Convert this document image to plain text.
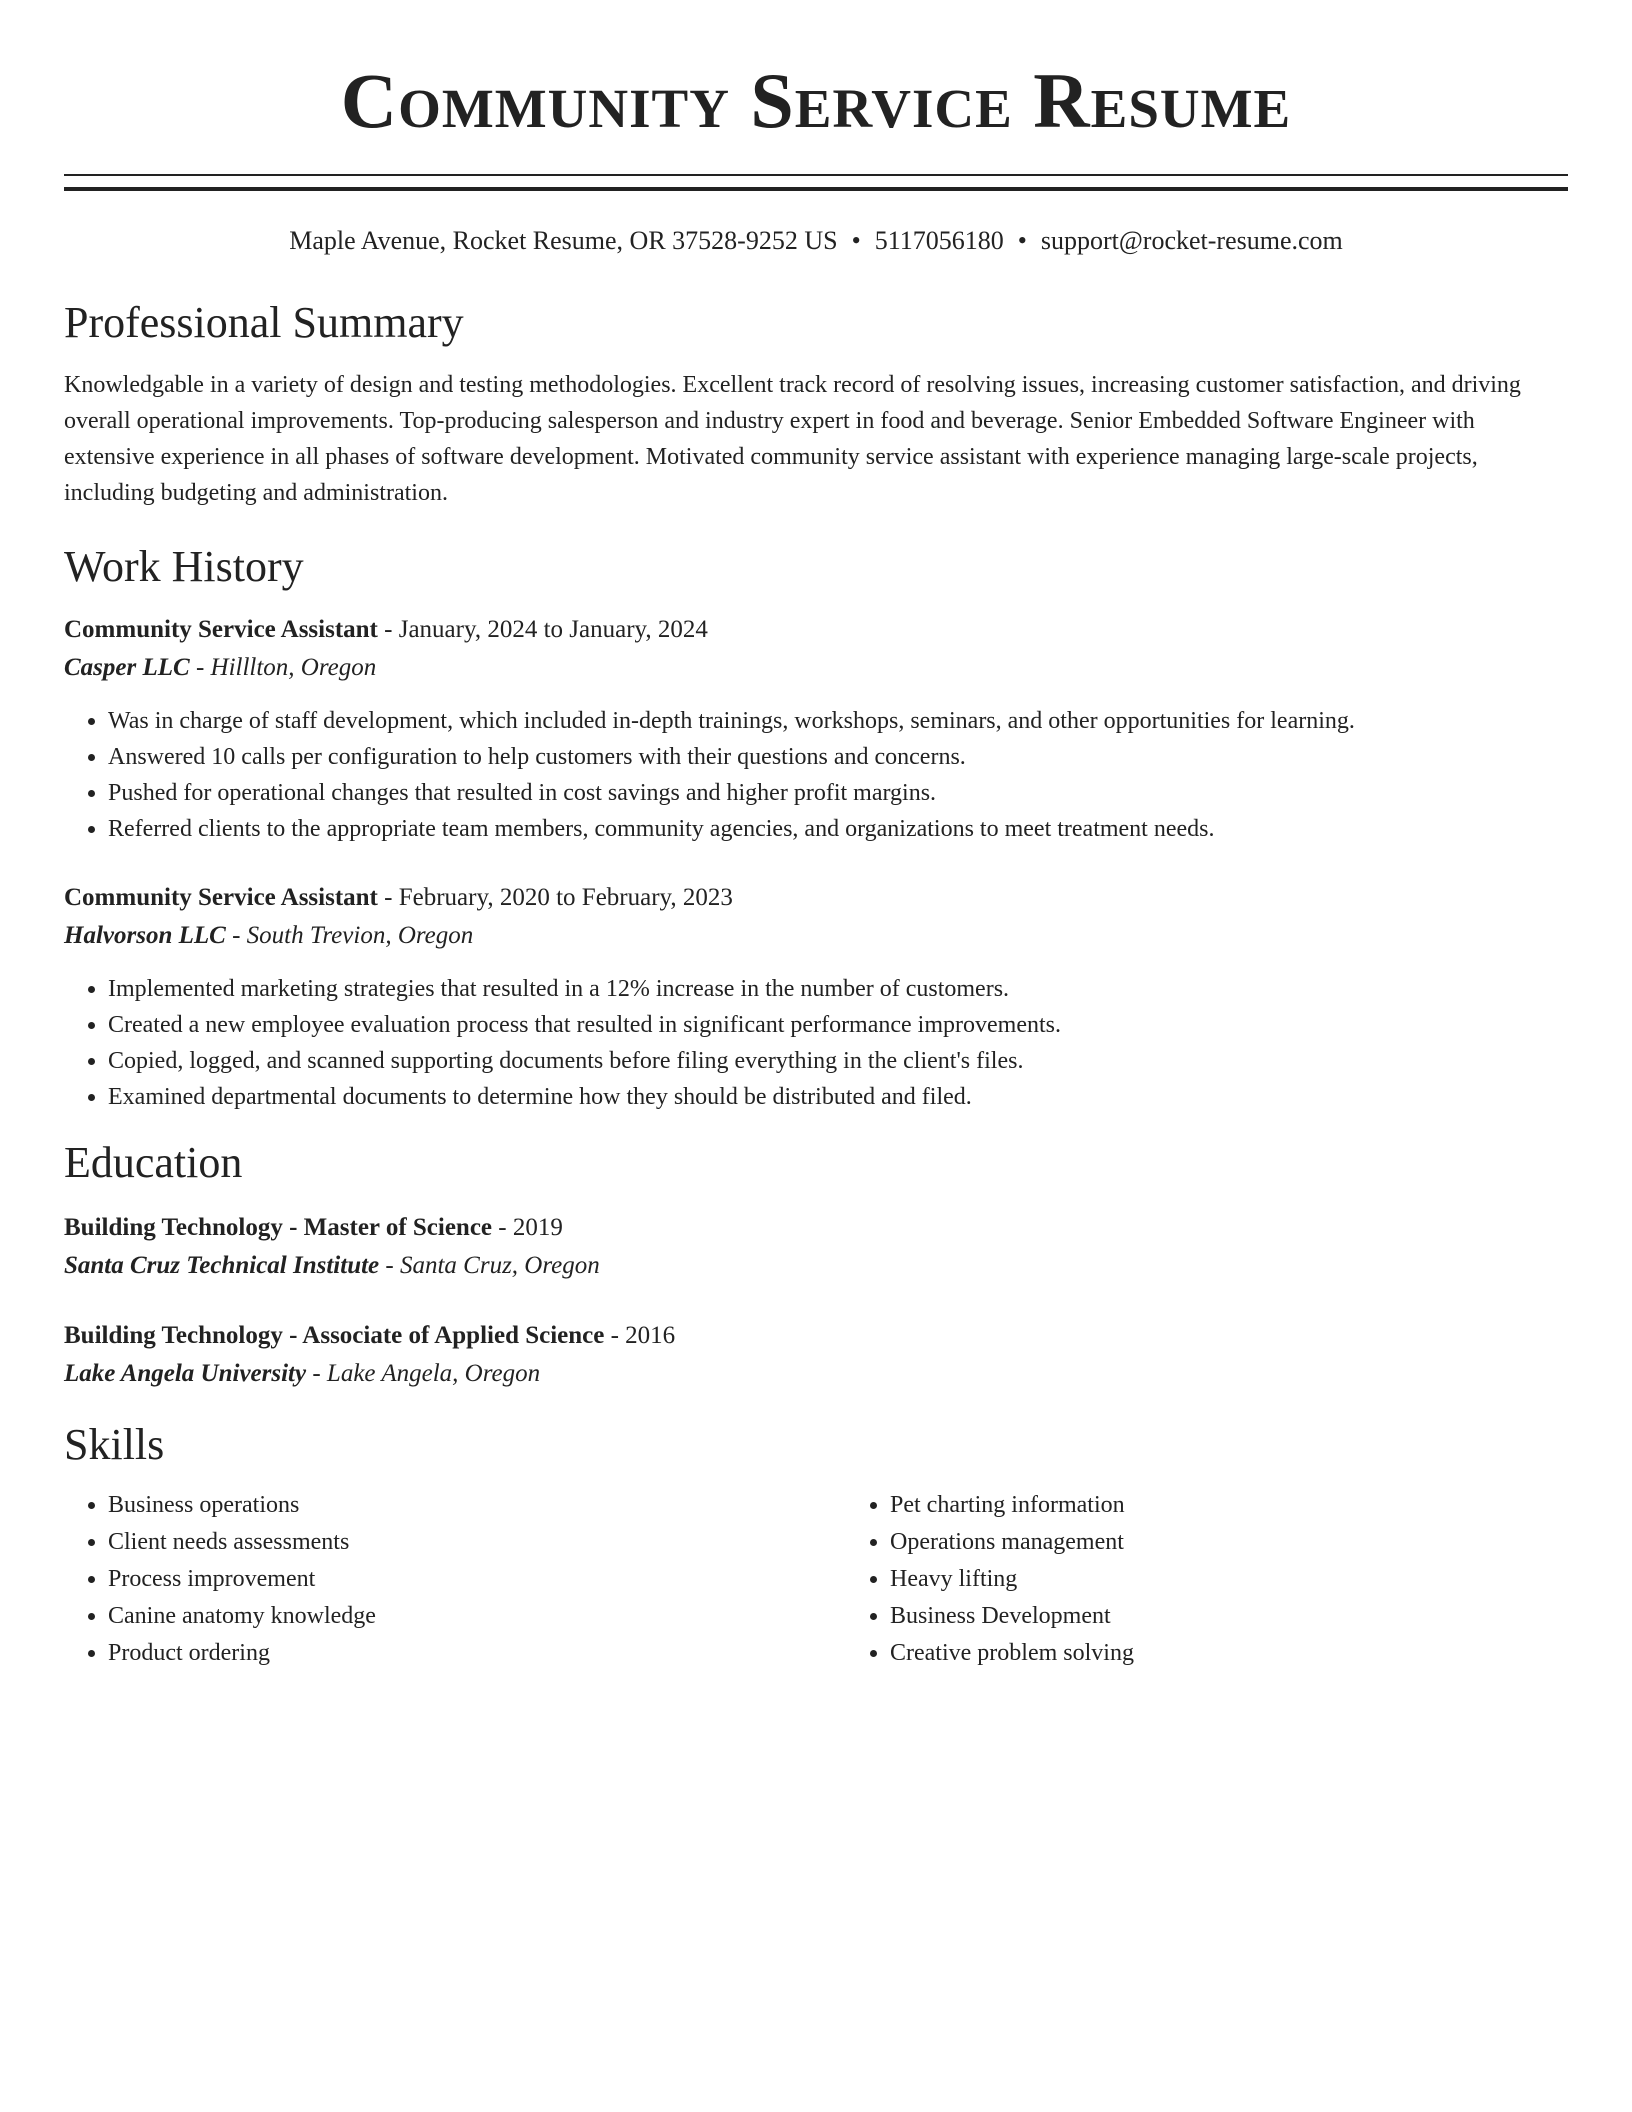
Community Service Resume
Maple Avenue, Rocket Resume, OR 37528-9252 US • 5117056180 • support@rocket-resume.com
Professional Summary
Knowledgable in a variety of design and testing methodologies. Excellent track record of resolving issues, increasing customer satisfaction, and driving overall operational improvements. Top-producing salesperson and industry expert in food and beverage. Senior Embedded Software Engineer with extensive experience in all phases of software development. Motivated community service assistant with experience managing large-scale projects, including budgeting and administration.
Work History
Community Service Assistant - January, 2024 to January, 2024
Casper LLC - Hilllton, Oregon
• Was in charge of staff development, which included in-depth trainings, workshops, seminars, and other opportunities for learning.
• Answered 10 calls per configuration to help customers with their questions and concerns.
• Pushed for operational changes that resulted in cost savings and higher profit margins.
• Referred clients to the appropriate team members, community agencies, and organizations to meet treatment needs.
Community Service Assistant - February, 2020 to February, 2023
Halvorson LLC - South Trevion, Oregon
• Implemented marketing strategies that resulted in a 12% increase in the number of customers.
• Created a new employee evaluation process that resulted in significant performance improvements.
• Copied, logged, and scanned supporting documents before filing everything in the client's files.
• Examined departmental documents to determine how they should be distributed and filed.
Education
Building Technology - Master of Science - 2019
Santa Cruz Technical Institute - Santa Cruz, Oregon
Building Technology - Associate of Applied Science - 2016
Lake Angela University - Lake Angela, Oregon
Skills
• Business operations
• Client needs assessments
• Process improvement
• Canine anatomy knowledge
• Product ordering
• Pet charting information
• Operations management
• Heavy lifting
• Business Development
• Creative problem solving
